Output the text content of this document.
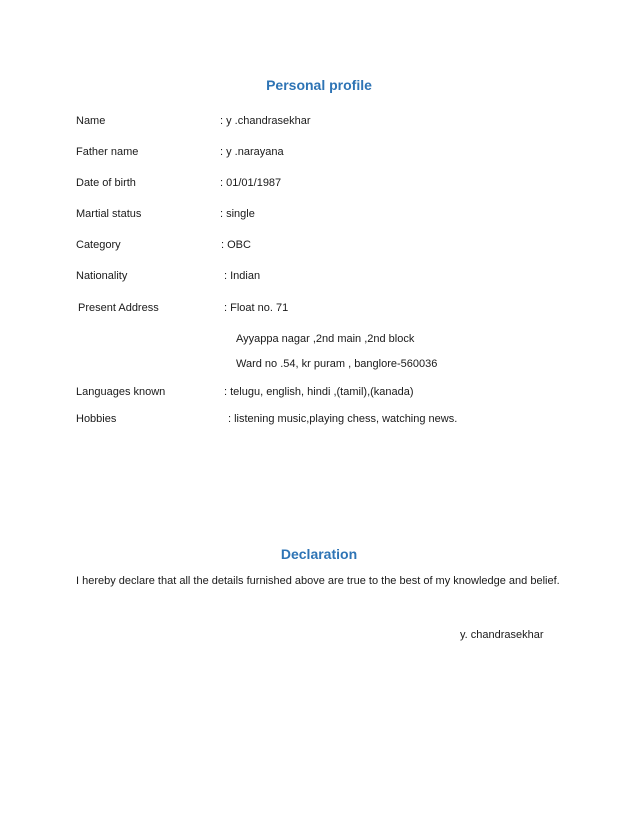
Personal profile
Name	: y .chandrasekhar
Father name	: y .narayana
Date of birth	: 01/01/1987
Martial status	: single
Category	: OBC
Nationality	: Indian
Present Address	: Float no. 71
Ayyappa nagar ,2nd main ,2nd block
Ward no .54, kr puram , banglore-560036
Languages known	: telugu, english, hindi ,(tamil),(kanada)
Hobbies	: listening music,playing chess, watching news.
Declaration
I hereby declare that all the details furnished above are true to the best of my knowledge and belief.
y. chandrasekhar
